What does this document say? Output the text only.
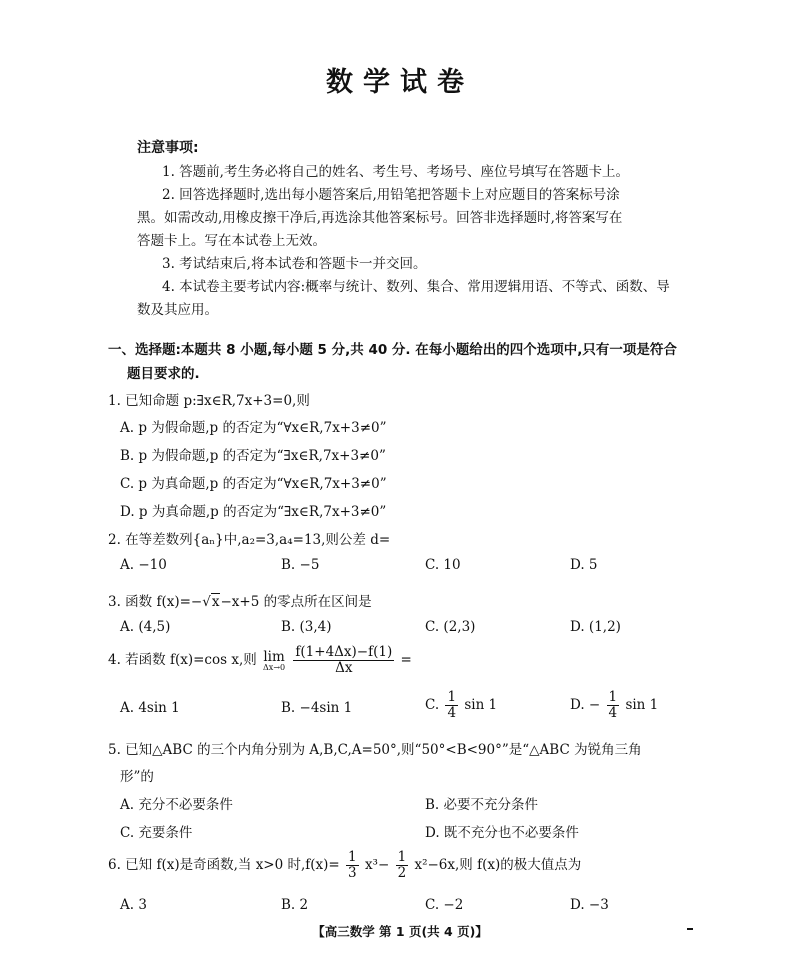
数学试卷
注意事项:
1. 答题前,考生务必将自己的姓名、考生号、考场号、座位号填写在答题卡上。
2. 回答选择题时,选出每小题答案后,用铅笔把答题卡上对应题目的答案标号涂
黑。如需改动,用橡皮擦干净后,再选涂其他答案标号。回答非选择题时,将答案写在
答题卡上。写在本试卷上无效。
3. 考试结束后,将本试卷和答题卡一并交回。
4. 本试卷主要考试内容:概率与统计、数列、集合、常用逻辑用语、不等式、函数、导
数及其应用。
一、选择题:本题共 8 小题,每小题 5 分,共 40 分. 在每小题给出的四个选项中,只有一项是符合
题目要求的.
1. 已知命题 p:∃x∈R,7x+3=0,则
A. p 为假命题,p 的否定为“∀x∈R,7x+3≠0”
B. p 为假命题,p 的否定为“∃x∈R,7x+3≠0”
C. p 为真命题,p 的否定为“∀x∈R,7x+3≠0”
D. p 为真命题,p 的否定为“∃x∈R,7x+3≠0”
2. 在等差数列{aₙ}中,a₂=3,a₄=13,则公差 d=
A. −10	B. −5	C. 10	D. 5
3. 函数 f(x)=−√x−x+5 的零点所在区间是
A. (4,5)	B. (3,4)	C. (2,3)	D. (1,2)
4. 若函数 f(x)=cos x,则 lim
Δx→0
$\frac{f(1+4\Delta x)-f(1)}{\Delta x}$ =
A. 4sin 1	B. −4sin 1	C. $\frac{1}{4}$ sin 1	D. − $\frac{1}{4}$ sin 1
5. 已知△ABC 的三个内角分别为 A,B,C,A=50°,则“50°<B<90°”是“△ABC 为锐角三角
形”的
A. 充分不必要条件	B. 必要不充分条件
C. 充要条件	D. 既不充分也不必要条件
6. 已知 f(x)是奇函数,当 x>0 时$,f(x)= \frac{1}{3} x^3- \frac{1}{2} x^2-6x$,则 f(x)的极大值点为
A. 3	B. 2	C. −2	D. −3
【高三数学 第 1 页(共 4 页)】
